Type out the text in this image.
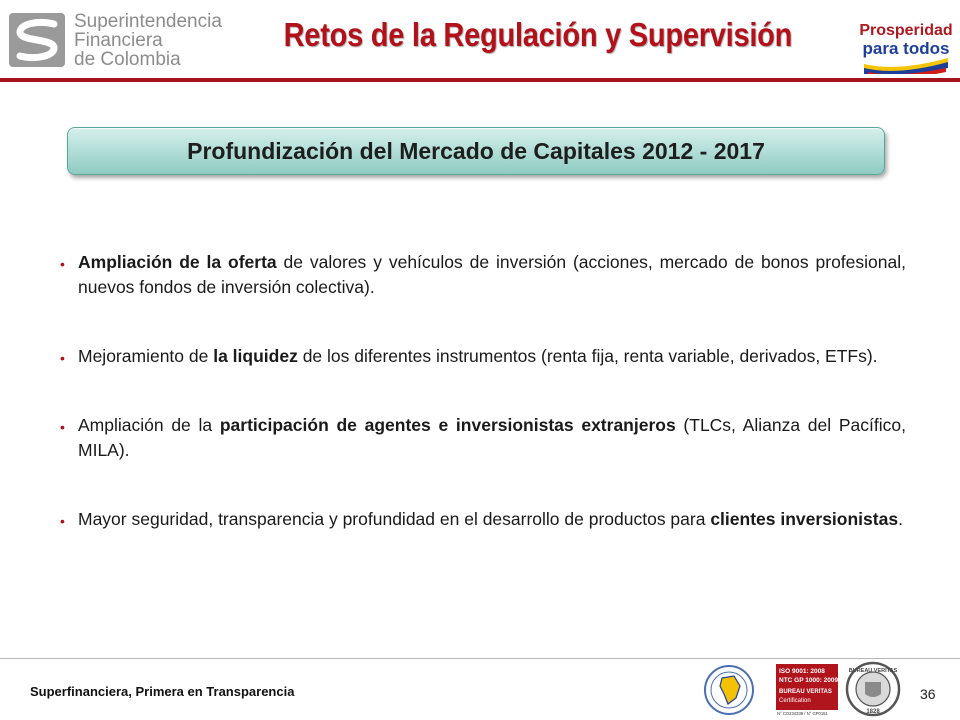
Superintendencia
Financiera
de Colombia
Retos de la Regulación y Supervisión	Prosperidad
para todos
Profundización del Mercado de Capitales 2012 - 2017
• Ampliación de la oferta de valores y vehículos de inversión (acciones, mercado de bonos profesional, nuevos fondos de inversión colectiva).
• Mejoramiento de la liquidez de los diferentes instrumentos (renta fija, renta variable, derivados, ETFs).
• Ampliación de la participación de agentes e inversionistas extranjeros (TLCs, Alianza del Pacífico, MILA).
• Mayor seguridad, transparencia y profundidad en el desarrollo de productos para clientes inversionistas.
Superfinanciera, Primera en Transparencia
ISO 9001: 2008
NTC GP 1000: 2009
BUREAU VERITAS
Certification
N° CO234339 / N° GP0151
BUREAU VERITAS
1828
36
